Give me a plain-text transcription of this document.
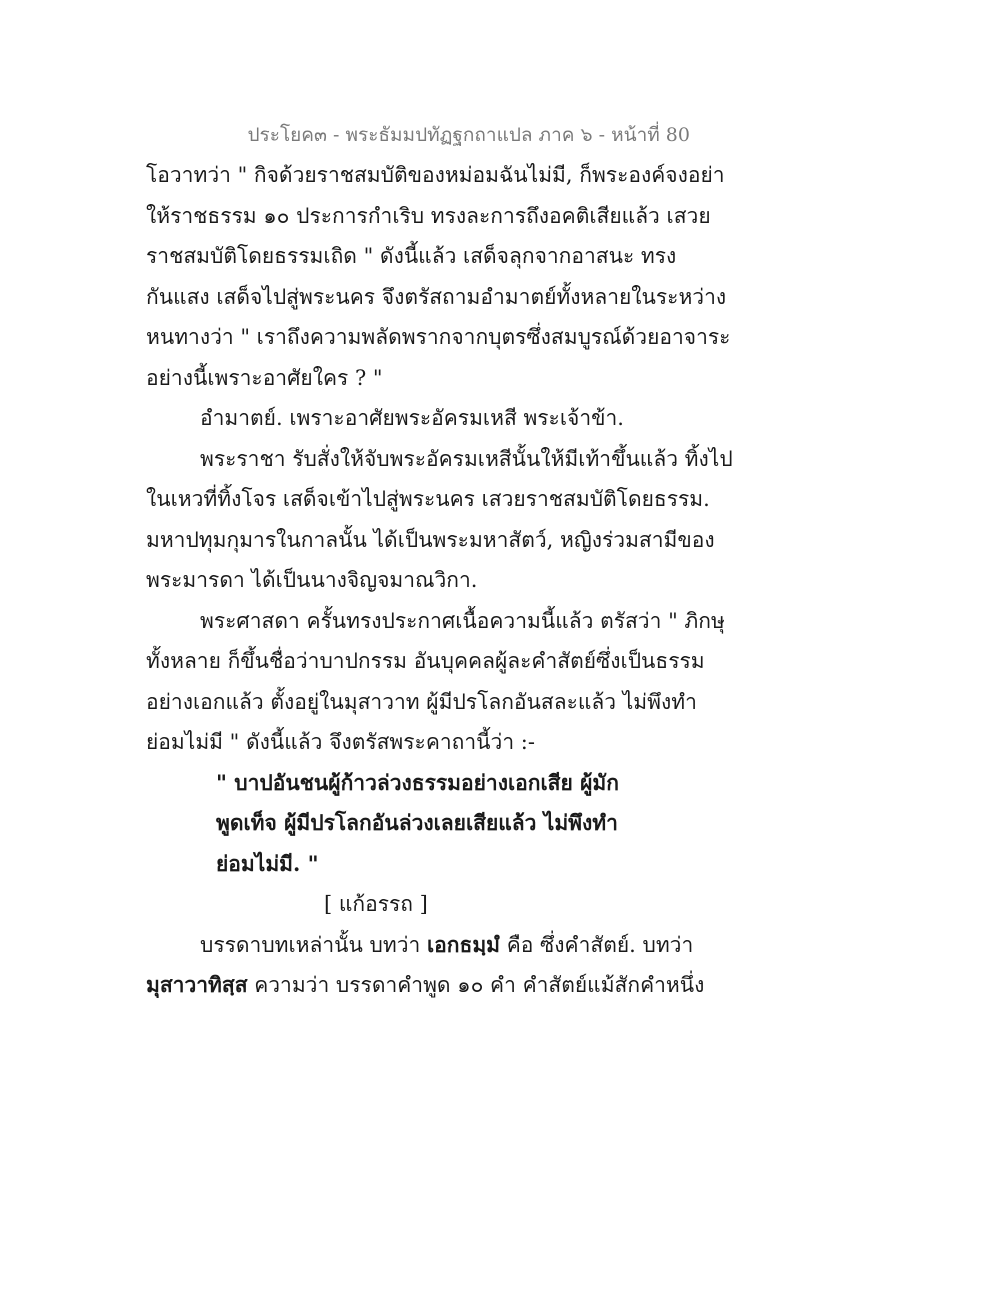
ประโยค๓ - พระธัมมปทัฏฐกถาแปล ภาค ๖ - หน้าที่ 80
โอวาทว่า " กิจด้วยราชสมบัติของหม่อมฉันไม่มี, ก็พระองค์จงอย่า
ให้ราชธรรม ๑๐ ประการกำเริบ ทรงละการถึงอคติเสียแล้ว เสวย
ราชสมบัติโดยธรรมเถิด " ดังนี้แล้ว เสด็จลุกจากอาสนะ ทรง
กันแสง เสด็จไปสู่พระนคร จึงตรัสถามอำมาตย์ทั้งหลายในระหว่าง
หนทางว่า " เราถึงความพลัดพรากจากบุตรซึ่งสมบูรณ์ด้วยอาจาระ
อย่างนี้เพราะอาศัยใคร ? "
อำมาตย์. เพราะอาศัยพระอัครมเหสี พระเจ้าข้า.
พระราชา รับสั่งให้จับพระอัครมเหสีนั้นให้มีเท้าขึ้นแล้ว ทิ้งไป
ในเหวที่ทิ้งโจร เสด็จเข้าไปสู่พระนคร เสวยราชสมบัติโดยธรรม.
มหาปทุมกุมารในกาลนั้น ได้เป็นพระมหาสัตว์, หญิงร่วมสามีของ
พระมารดา ได้เป็นนางจิญจมาณวิกา.
พระศาสดา ครั้นทรงประกาศเนื้อความนี้แล้ว ตรัสว่า " ภิกษุ
ทั้งหลาย ก็ขึ้นชื่อว่าบาปกรรม อันบุคคลผู้ละคำสัตย์ซึ่งเป็นธรรม
อย่างเอกแล้ว ตั้งอยู่ในมุสาวาท ผู้มีปรโลกอันสละแล้ว ไม่พึงทำ
ย่อมไม่มี " ดังนี้แล้ว จึงตรัสพระคาถานี้ว่า :-
" บาปอันชนผู้ก้าวล่วงธรรมอย่างเอกเสีย ผู้มัก
พูดเท็จ ผู้มีปรโลกอันล่วงเลยเสียแล้ว ไม่พึงทำ
ย่อมไม่มี. "
[ แก้อรรถ ]
บรรดาบทเหล่านั้น บทว่า เอกธมฺมํ คือ ซึ่งคำสัตย์. บทว่า
มุสาวาทิสฺส ความว่า บรรดาคำพูด ๑๐ คำ คำสัตย์แม้สักคำหนึ่ง
